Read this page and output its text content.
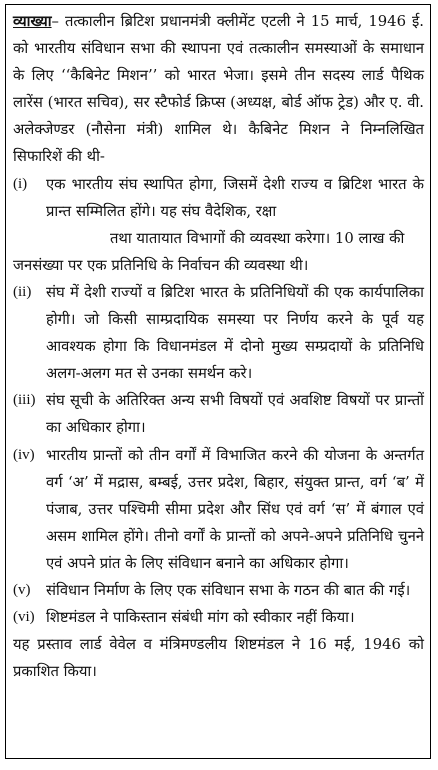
व्याख्या– तत्कालीन ब्रिटिश प्रधानमंत्री क्लीमेंट एटली ने 15 मार्च, 1946 ई. को भारतीय संविधान सभा की स्थापना एवं तत्कालीन समस्याओं के समाधान के लिए ‘‘कैबिनेट मिशन’’ को भारत भेजा। इसमे तीन सदस्य लार्ड पैथिक लारेंस (भारत सचिव), सर स्टैफोर्ड क्रिप्स (अध्यक्ष, बोर्ड ऑफ ट्रेड) और ए. वी. अलेक्जेण्डर (नौसेना मंत्री) शामिल थे। कैबिनेट मिशन ने निम्नलिखित सिफारिशें की थी-

(i)	एक भारतीय संघ स्थापित होगा, जिसमें देशी राज्य व ब्रिटिश भारत के प्रान्त सम्मिलित होंगे। यह संघ वैदेशिक, रक्षा
तथा यातायात विभागों की व्यवस्था करेगा। 10 लाख की

जनसंख्या पर एक प्रतिनिधि के निर्वाचन की व्यवस्था थी।

(ii) संघ में देशी राज्यों व ब्रिटिश भारत के प्रतिनिधियों की एक कार्यपालिका होगी। जो किसी साम्प्रदायिक समस्या पर निर्णय करने के पूर्व यह आवश्यक होगा कि विधानमंडल में दोनो मुख्य सम्प्रदायों के प्रतिनिधि अलग-अलग मत से उनका समर्थन करे।
(iii) संघ सूची के अतिरिक्त अन्य सभी विषयों एवं अवशिष्ट विषयों पर प्रान्तों का अधिकार होगा।
(iv) भारतीय प्रान्तों को तीन वर्गों में विभाजित करने की योजना के अन्तर्गत वर्ग ‘अ’ में मद्रास, बम्बई, उत्तर प्रदेश, बिहार, संयुक्त प्रान्त, वर्ग ‘ब’ में पंजाब, उत्तर पश्चिमी सीमा प्रदेश और सिंध एवं वर्ग ‘स’ में बंगाल एवं असम शामिल होंगे। तीनो वर्गों के प्रान्तों को अपने-अपने प्रतिनिधि चुनने एवं अपने प्रांत के लिए संविधान बनाने का अधिकार होगा।
(v)	संविधान निर्माण के लिए एक संविधान सभा के गठन की बात की गई।
(vi) शिष्टमंडल ने पाकिस्तान संबंधी मांग को स्वीकार नहीं किया।

यह प्रस्ताव लार्ड वेवेल व मंत्रिमण्डलीय शिष्टमंडल ने 16 मई, 1946 को प्रकाशित किया।
